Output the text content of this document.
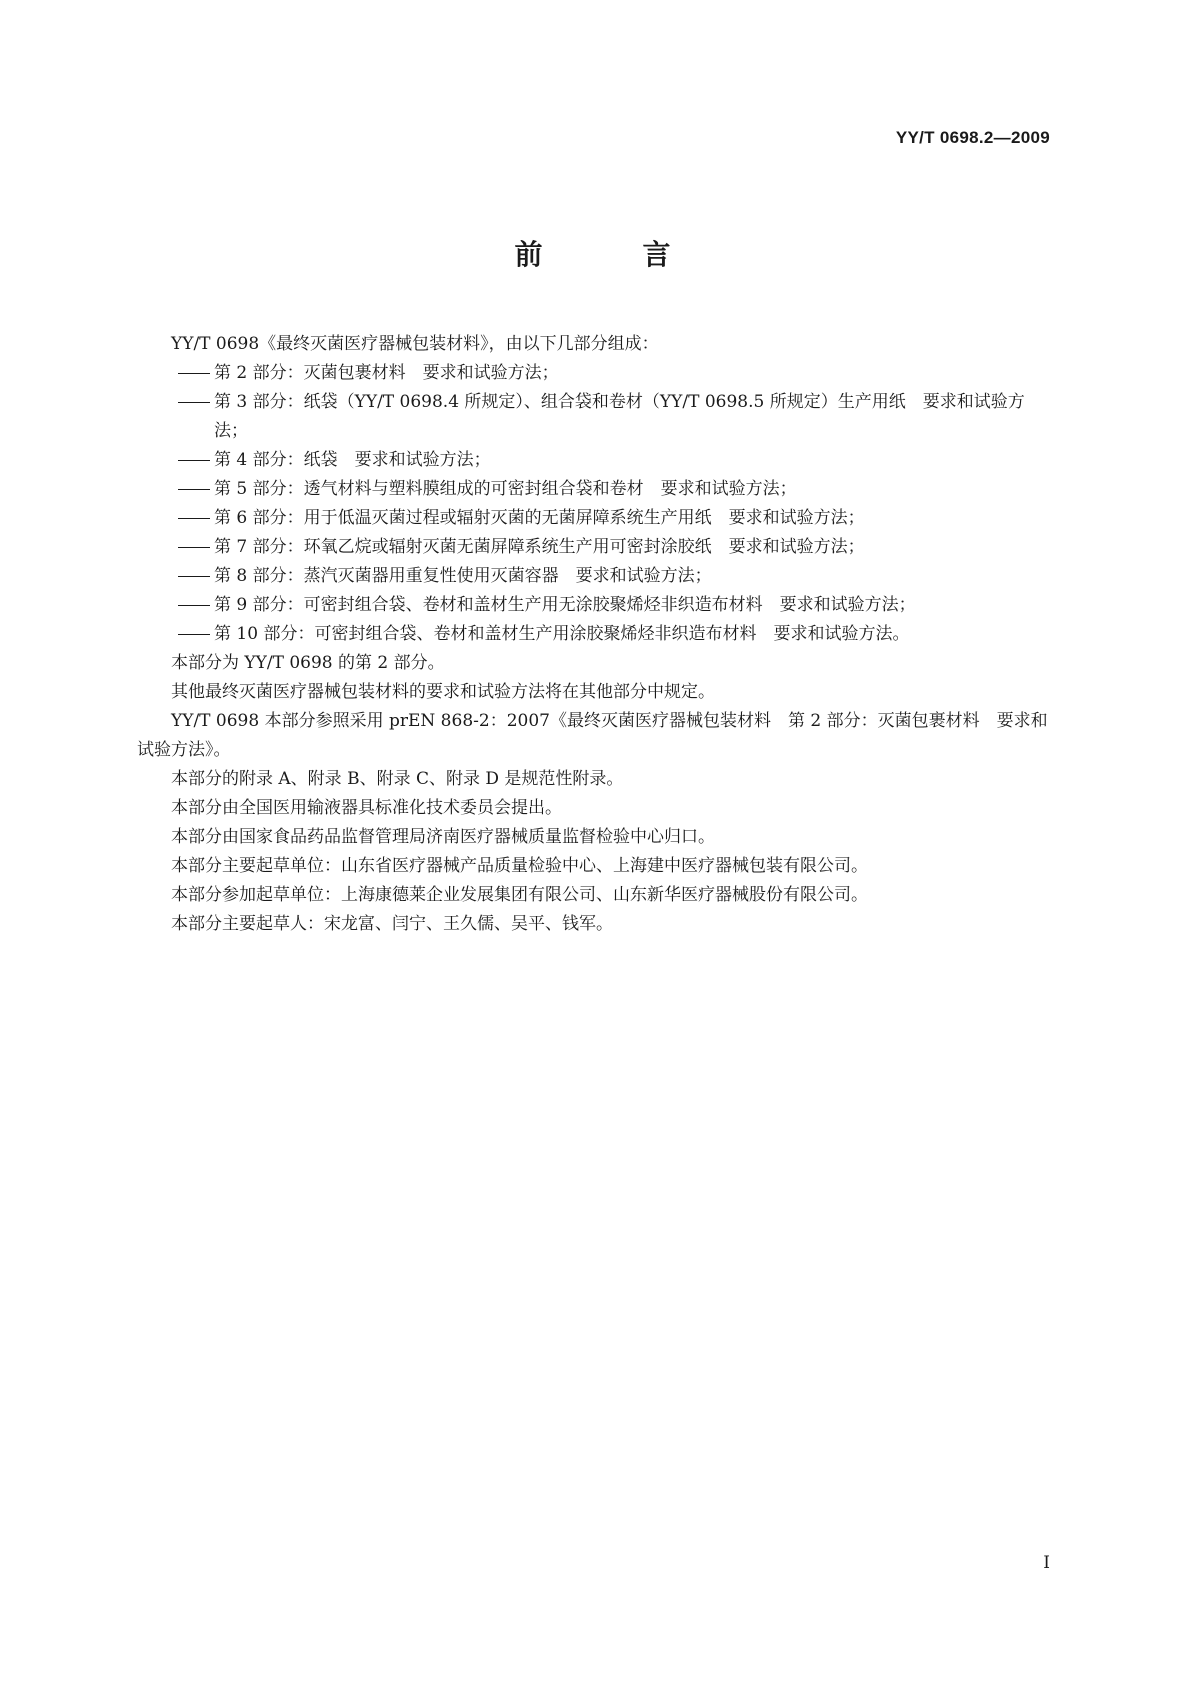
YY/T 0698.2—2009
前　言

YY/T 0698《最终灭菌医疗器械包装材料》，由以下几部分组成：

第 2 部分：灭菌包裹材料　要求和试验方法；

第 3 部分：纸袋（YY/T 0698.4 所规定）、组合袋和卷材（YY/T 0698.5 所规定）生产用纸　要求和试验方法；

第 4 部分：纸袋　要求和试验方法；

第 5 部分：透气材料与塑料膜组成的可密封组合袋和卷材　要求和试验方法；

第 6 部分：用于低温灭菌过程或辐射灭菌的无菌屏障系统生产用纸　要求和试验方法；

第 7 部分：环氧乙烷或辐射灭菌无菌屏障系统生产用可密封涂胶纸　要求和试验方法；

第 8 部分：蒸汽灭菌器用重复性使用灭菌容器　要求和试验方法；

第 9 部分：可密封组合袋、卷材和盖材生产用无涂胶聚烯烃非织造布材料　要求和试验方法；

第 10 部分：可密封组合袋、卷材和盖材生产用涂胶聚烯烃非织造布材料　要求和试验方法。

本部分为 YY/T 0698 的第 2 部分。

其他最终灭菌医疗器械包装材料的要求和试验方法将在其他部分中规定。

YY/T 0698 本部分参照采用 prEN 868-2：2007《最终灭菌医疗器械包装材料　第 2 部分：灭菌包裹材料　要求和试验方法》。

本部分的附录 A、附录 B、附录 C、附录 D 是规范性附录。

本部分由全国医用输液器具标准化技术委员会提出。

本部分由国家食品药品监督管理局济南医疗器械质量监督检验中心归口。

本部分主要起草单位：山东省医疗器械产品质量检验中心、上海建中医疗器械包装有限公司。

本部分参加起草单位：上海康德莱企业发展集团有限公司、山东新华医疗器械股份有限公司。

本部分主要起草人：宋龙富、闫宁、王久儒、吴平、钱军。

I
